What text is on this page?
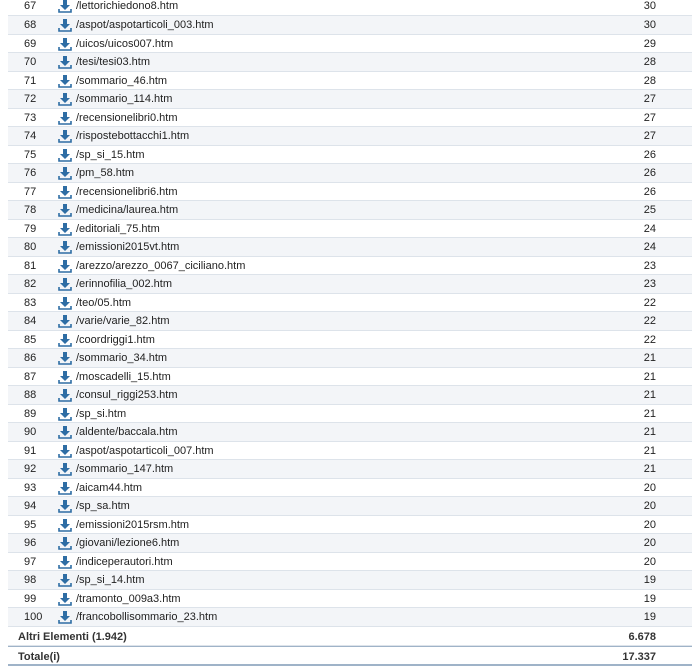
67	/lettorichiedono8.htm	30
68	/aspot/aspotarticoli_003.htm	30
69	/uicos/uicos007.htm	29
70	/tesi/tesi03.htm	28
71	/sommario_46.htm	28
72	/sommario_114.htm	27
73	/recensionelibri0.htm	27
74	/rispostebottacchi1.htm	27
75	/sp_si_15.htm	26
76	/pm_58.htm	26
77	/recensionelibri6.htm	26
78	/medicina/laurea.htm	25
79	/editoriali_75.htm	24
80	/emissioni2015vt.htm	24
81	/arezzo/arezzo_0067_ciciliano.htm	23
82	/erinnofilia_002.htm	23
83	/teo/05.htm	22
84	/varie/varie_82.htm	22
85	/coordriggi1.htm	22
86	/sommario_34.htm	21
87	/moscadelli_15.htm	21
88	/consul_riggi253.htm	21
89	/sp_si.htm	21
90	/aldente/baccala.htm	21
91	/aspot/aspotarticoli_007.htm	21
92	/sommario_147.htm	21
93	/aicam44.htm	20
94	/sp_sa.htm	20
95	/emissioni2015rsm.htm	20
96	/giovani/lezione6.htm	20
97	/indiceperautori.htm	20
98	/sp_si_14.htm	19
99	/tramonto_009a3.htm	19
100	/francobollisommario_23.htm	19
Altri Elementi (1.942)	6.678
Totale(i)	17.337
